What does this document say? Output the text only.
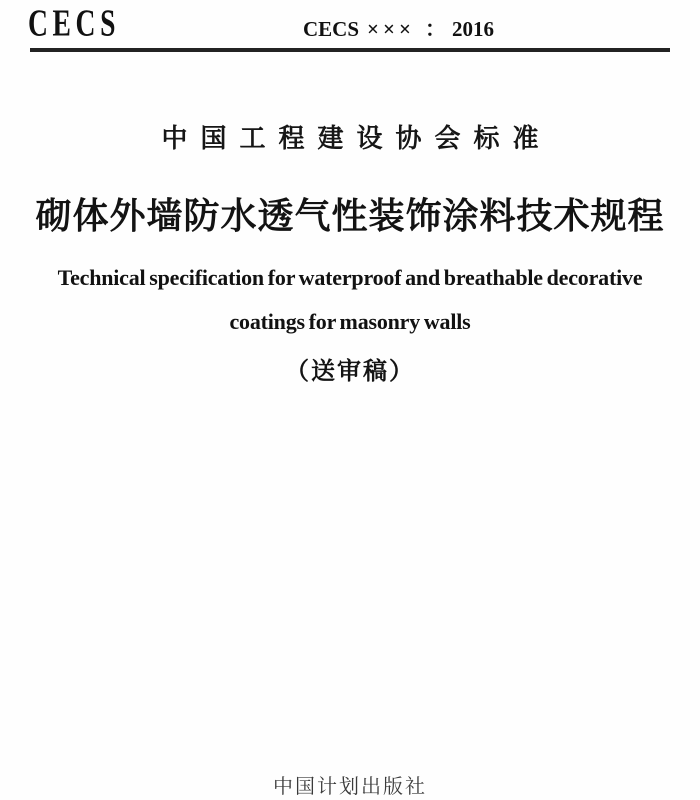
CECS	CECS ××× ： 2016
中国工程建设协会标准
砌体外墙防水透气性装饰涂料技术规程
Technical specification for waterproof and breathable decorative
coatings for masonry walls
（送审稿）
中国计划出版社
